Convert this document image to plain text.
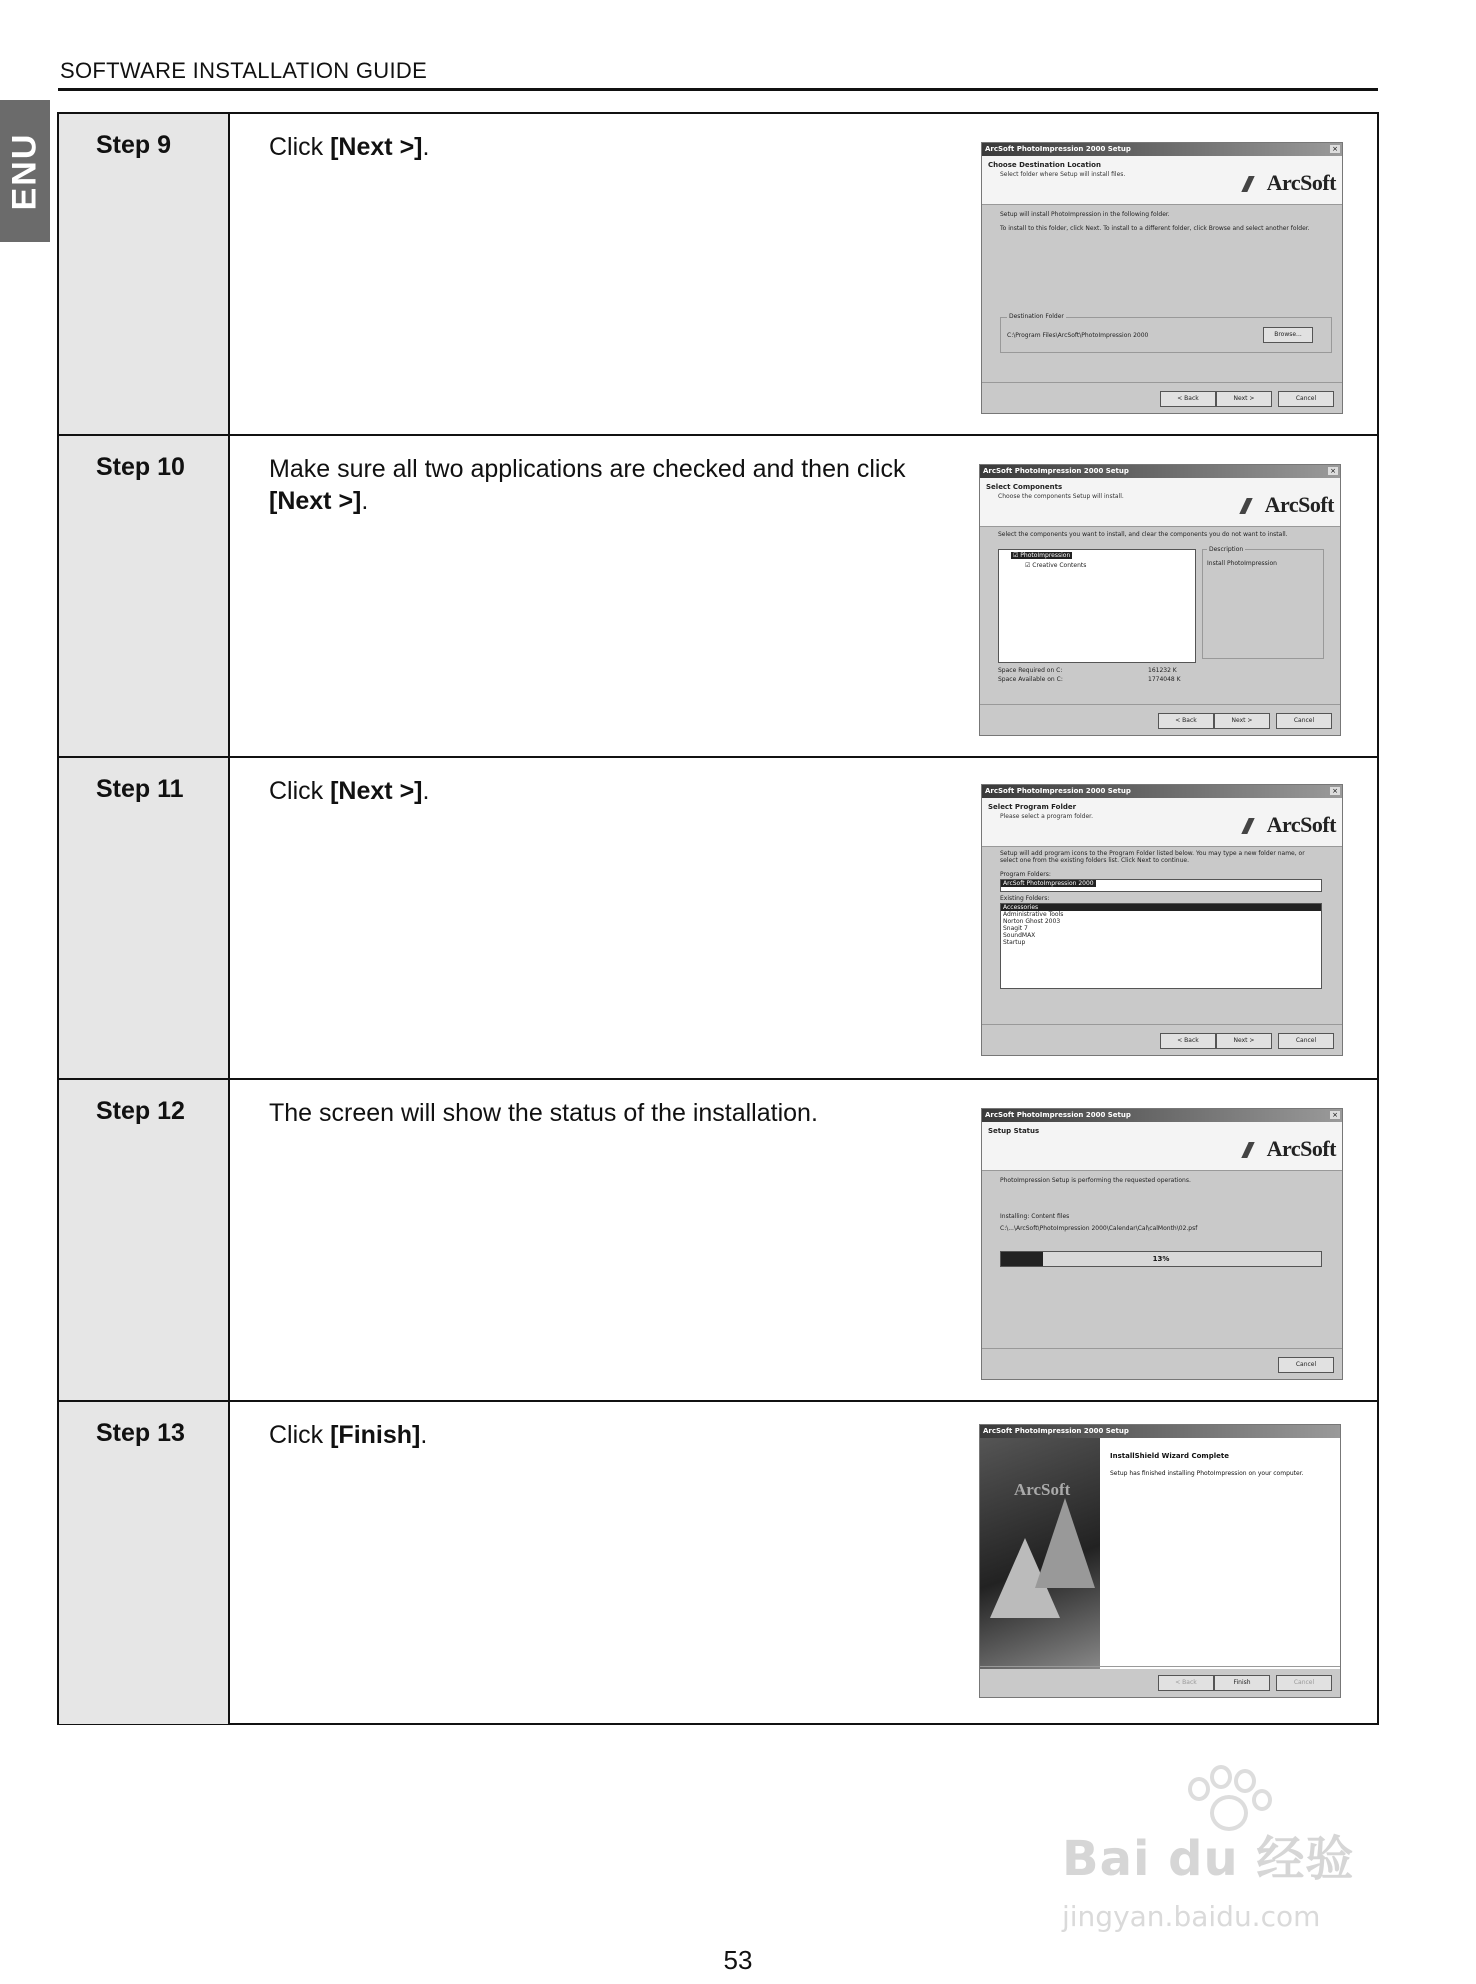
SOFTWARE INSTALLATION GUIDE
ENU Step 9	Click [Next >].	ArcSoft PhotoImpression 2000 Setup	×
Choose Destination Location
Select folder where Setup will install files.	ArcSoft
Setup will install PhotoImpression in the following folder.
To install to this folder, click Next. To install to a different folder, click Browse and select another folder.
Destination Folder
C:\Program Files\ArcSoft\PhotoImpression 2000	Browse...
< Back	Next >	Cancel
Step 10	Make sure all two applications are checked and then click [Next >].
ArcSoft PhotoImpression 2000 Setup	×
Select Components
Choose the components Setup will install.	ArcSoft
Select the components you want to install, and clear the components you do not want to install.
☑ PhotoImpression
☑ Creative Contents
Description
Install PhotoImpression
Space Required on C:	161232 K
Space Available on C:	1774048 K
< Back	Next >	Cancel
Step 11	Click [Next >].	ArcSoft PhotoImpression 2000 Setup	×
Select Program Folder
Please select a program folder.	ArcSoft
Setup will add program icons to the Program Folder listed below. You may type a new folder name, or select one from the existing folders list. Click Next to continue.
Program Folders:
ArcSoft PhotoImpression 2000
Existing Folders:
Accessories
Administrative Tools
Norton Ghost 2003
Snagit 7
SoundMAX
Startup
< Back	Next >	Cancel
Step 12	The screen will show the status of the installation.	ArcSoft PhotoImpression 2000 Setup	×
Setup Status
ArcSoft
PhotoImpression Setup is performing the requested operations.
Installing: Content files
C:\...\ArcSoft\PhotoImpression 2000\Calendar\Cal\calMonth\02.psf
13%
Cancel
Step 13	Click [Finish].	ArcSoft PhotoImpression 2000 Setup
ArcSoft
InstallShield Wizard Complete
Setup has finished installing PhotoImpression on your computer.
< Back	Finish	Cancel
Bai du 经验
jingyan.baidu.com
53
